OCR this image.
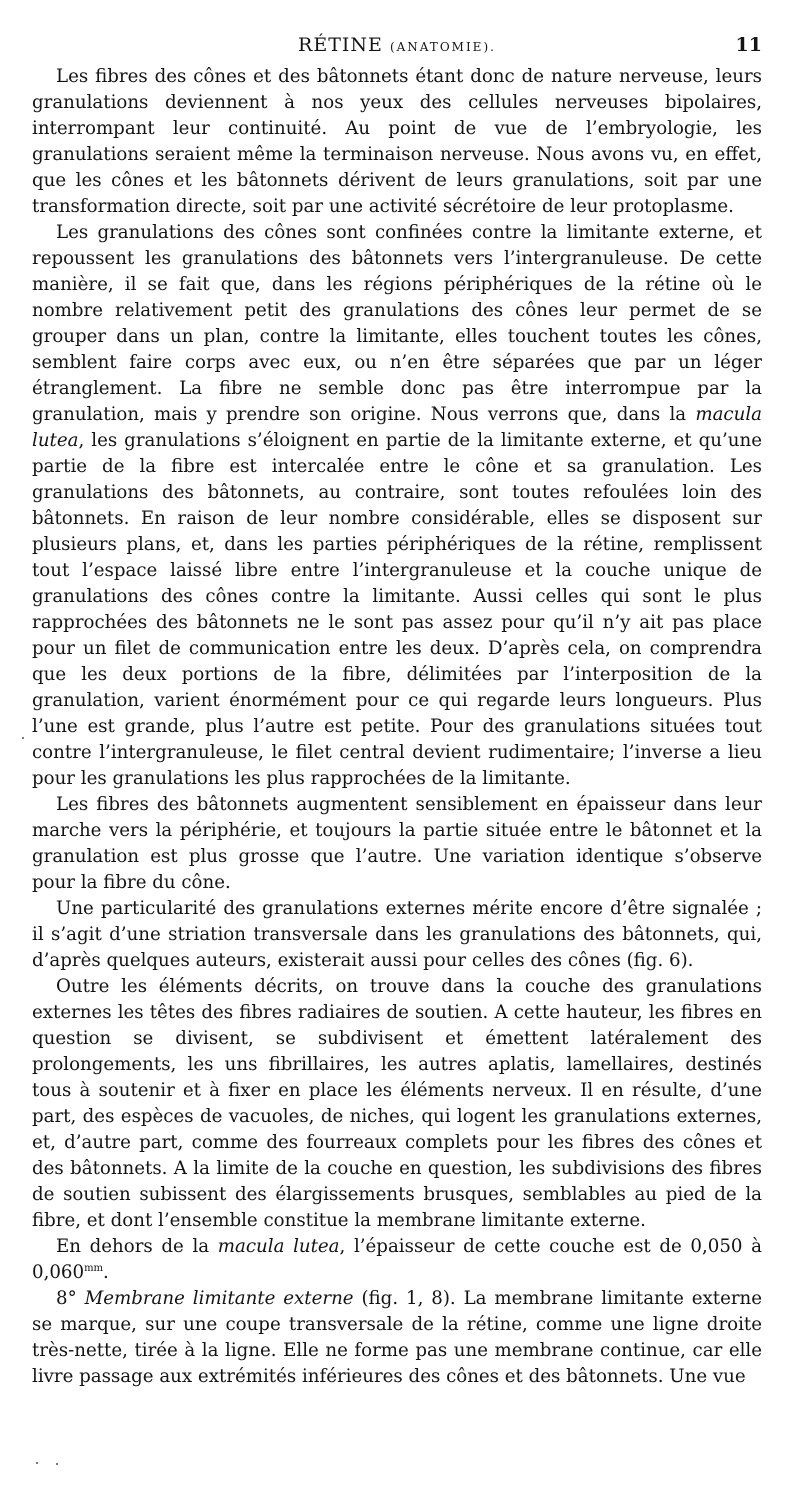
RÉTINE (ANATOMIE).	11

Les fibres des cônes et des bâtonnets étant donc de nature nerveuse, leurs granulations deviennent à nos yeux des cellules nerveuses bipolaires, interrompant leur continuité. Au point de vue de l’embryologie, les granulations seraient même la terminaison nerveuse. Nous avons vu, en effet, que les cônes et les bâtonnets dérivent de leurs granulations, soit par une transformation directe, soit par une activité sécrétoire de leur protoplasme.

Les granulations des cônes sont confinées contre la limitante externe, et repoussent les granulations des bâtonnets vers l’intergranuleuse. De cette manière, il se fait que, dans les régions périphériques de la rétine où le nombre relativement petit des granulations des cônes leur permet de se grouper dans un plan, contre la limitante, elles touchent toutes les cônes, semblent faire corps avec eux, ou n’en être séparées que par un léger étranglement. La fibre ne semble donc pas être interrompue par la granulation, mais y prendre son origine. Nous verrons que, dans la macula lutea, les granulations s’éloignent en partie de la limitante externe, et qu’une partie de la fibre est intercalée entre le cône et sa granulation. Les granulations des bâtonnets, au contraire, sont toutes refoulées loin des bâtonnets. En raison de leur nombre considérable, elles se disposent sur plusieurs plans, et, dans les parties périphériques de la rétine, remplissent tout l’espace laissé libre entre l’intergranuleuse et la couche unique de granulations des cônes contre la limitante. Aussi celles qui sont le plus rapprochées des bâtonnets ne le sont pas assez pour qu’il n’y ait pas place pour un filet de communication entre les deux. D’après cela, on comprendra que les deux portions de la fibre, délimitées par l’interposition de la granulation, varient énormément pour ce qui regarde leurs longueurs. Plus l’une est grande, plus l’autre est petite. Pour des granulations situées tout contre l’intergranuleuse, le filet central devient rudimentaire; l’inverse a lieu pour les granulations les plus rapprochées de la limitante.

Les fibres des bâtonnets augmentent sensiblement en épaisseur dans leur marche vers la périphérie, et toujours la partie située entre le bâtonnet et la granulation est plus grosse que l’autre. Une variation identique s’observe pour la fibre du cône.

Une particularité des granulations externes mérite encore d’être signalée ; il s’agit d’une striation transversale dans les granulations des bâtonnets, qui, d’après quelques auteurs, existerait aussi pour celles des cônes (fig. 6).

Outre les éléments décrits, on trouve dans la couche des granulations externes les têtes des fibres radiaires de soutien. A cette hauteur, les fibres en question se divisent, se subdivisent et émettent latéralement des prolongements, les uns fibrillaires, les autres aplatis, lamellaires, destinés tous à soutenir et à fixer en place les éléments nerveux. Il en résulte, d’une part, des espèces de vacuoles, de niches, qui logent les granulations externes, et, d’autre part, comme des fourreaux complets pour les fibres des cônes et des bâtonnets. A la limite de la couche en question, les subdivisions des fibres de soutien subissent des élargissements brusques, semblables au pied de la fibre, et dont l’ensemble constitue la membrane limitante externe.

En dehors de la macula lutea, l’épaisseur de cette couche est de 0,050 à $0,060^{mm}$.

8° Membrane limitante externe (fig. 1, 8). La membrane limitante externe se marque, sur une coupe transversale de la rétine, comme une ligne droite très-nette, tirée à la ligne. Elle ne forme pas une membrane continue, car elle livre passage aux extrémités inférieures des cônes et des bâtonnets. Une vue
